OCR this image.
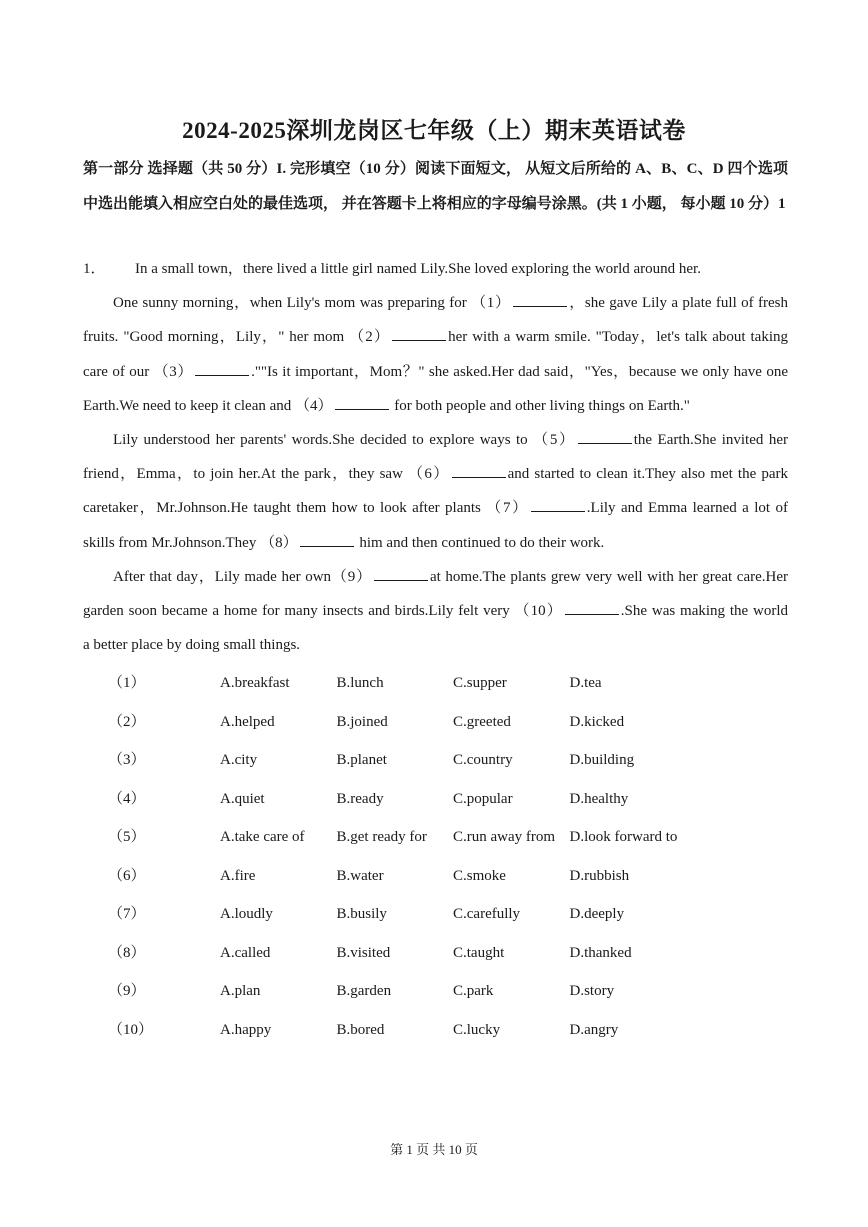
2024-2025深圳龙岗区七年级（上）期末英语试卷
第一部分 选择题（共 50 分）I. 完形填空（10 分）阅读下面短文， 从短文后所给的 A、B、C、D 四个选项中选出能填入相应空白处的最佳选项， 并在答题卡上将相应的字母编号涂黑。(共 1 小题， 每小题 10 分）1
1． In a small town，there lived a little girl named Lily.She loved exploring the world around her.
One sunny morning，when Lily's mom was preparing for （1）	，she gave Lily a plate full of fresh
fruits. "Good morning，Lily，" her mom （2）	her with a warm smile. "Today，let's talk about taking
care of our （3）	.""Is it important，Mom？" she asked.Her dad said，"Yes，because we only have one
Earth.We need to keep it clean and （4）	for both people and other living things on Earth."
Lily understood her parents' words.She decided to explore ways to （5）	the Earth.She invited her
friend，Emma，to join her.At the park，they saw （6）	and started to clean it.They also met the park
caretaker，Mr.Johnson.He taught them how to look after plants （7）	.Lily and Emma learned a lot of
skills from Mr.Johnson.They （8）	him and then continued to do their work.
After that day，Lily made her own（9）	at home.The plants grew very well with her great care.Her
garden soon became a home for many insects and birds.Lily felt very （10）	.She was making the world
a better place by doing small things.
（1）	A.breakfast	B.lunch	C.supper	D.tea
（2）	A.helped	B.joined	C.greeted	D.kicked
（3）	A.city	B.planet	C.country	D.building
（4）	A.quiet	B.ready	C.popular	D.healthy
（5）	A.take care of	B.get ready for	C.run away from D.look forward to
（6）	A.fire	B.water	C.smoke	D.rubbish
（7）	A.loudly	B.busily	C.carefully	D.deeply
（8）	A.called	B.visited	C.taught	D.thanked
（9）	A.plan	B.garden	C.park	D.story
（10）	A.happy	B.bored	C.lucky	D.angry
第 1 页 共 10 页
